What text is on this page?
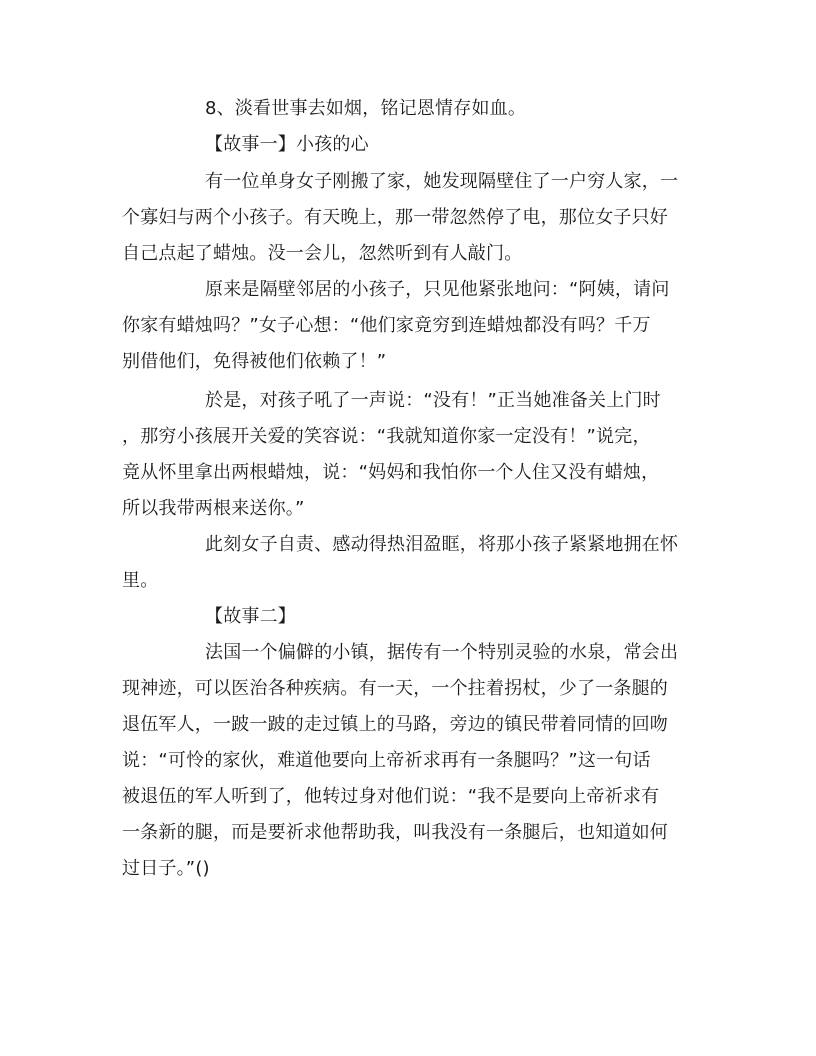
8、淡看世事去如烟，铭记恩情存如血。
【故事一】小孩的心
有一位单身女子刚搬了家，她发现隔壁住了一户穷人家，一
个寡妇与两个小孩子。有天晚上，那一带忽然停了电，那位女子只好
自己点起了蜡烛。没一会儿，忽然听到有人敲门。
原来是隔壁邻居的小孩子，只见他紧张地问：“阿姨，请问
你家有蜡烛吗？”女子心想：“他们家竟穷到连蜡烛都没有吗？千万
别借他们，免得被他们依赖了！”
於是，对孩子吼了一声说：“没有！”正当她准备关上门时
，那穷小孩展开关爱的笑容说：“我就知道你家一定没有！”说完，
竟从怀里拿出两根蜡烛，说：“妈妈和我怕你一个人住又没有蜡烛，
所以我带两根来送你。”
此刻女子自责、感动得热泪盈眶，将那小孩子紧紧地拥在怀
里。
【故事二】
法国一个偏僻的小镇，据传有一个特别灵验的水泉，常会出
现神迹，可以医治各种疾病。有一天，一个拄着拐杖，少了一条腿的
退伍军人，一跛一跛的走过镇上的马路，旁边的镇民带着同情的回吻
说：“可怜的家伙，难道他要向上帝祈求再有一条腿吗？”这一句话
被退伍的军人听到了，他转过身对他们说：“我不是要向上帝祈求有
一条新的腿，而是要祈求他帮助我，叫我没有一条腿后，也知道如何
过日子。”()
